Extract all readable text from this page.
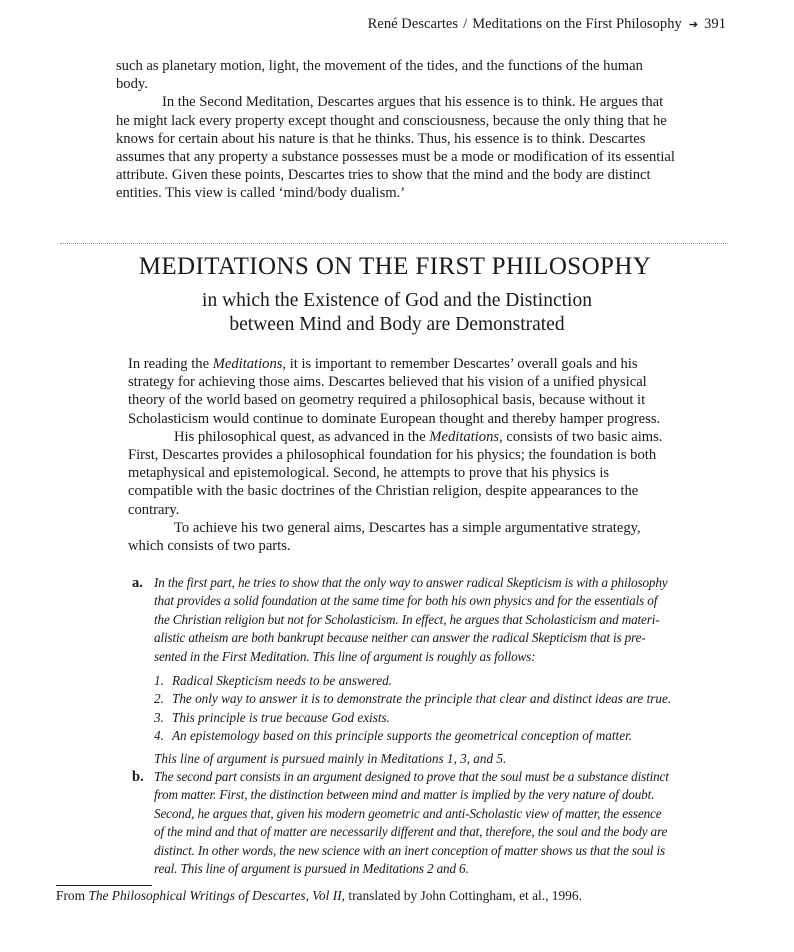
René Descartes / Meditations on the First Philosophy ➔ 391

such as planetary motion, light, the movement of the tides, and the functions of the human body.

In the Second Meditation, Descartes argues that his essence is to think. He argues that he might lack every property except thought and consciousness, because the only thing that he knows for certain about his nature is that he thinks. Thus, his essence is to think. Descartes assumes that any property a substance possesses must be a mode or modification of its essential attribute. Given these points, Descartes tries to show that the mind and the body are distinct entities. This view is called ‘mind/body dualism.’

MEDITATIONS ON THE FIRST PHILOSOPHY
in which the Existence of God and the Distinction
between Mind and Body are Demonstrated

In reading the Meditations, it is important to remember Descartes’ overall goals and his strategy for achieving those aims. Descartes believed that his vision of a unified physical theory of the world based on geometry required a philosophical basis, because without it Scholasticism would continue to dominate European thought and thereby hamper progress.

His philosophical quest, as advanced in the Meditations, consists of two basic aims. First, Descartes provides a philosophical foundation for his physics; the foundation is both metaphysical and epistemological. Second, he attempts to prove that his physics is compatible with the basic doctrines of the Christian religion, despite appearances to the contrary.

To achieve his two general aims, Descartes has a simple argumentative strategy, which consists of two parts.

a. In the first part, he tries to show that the only way to answer radical Skepticism is with a philosophy that provides a solid foundation at the same time for both his own physics and for the essentials of the Christian religion but not for Scholasticism. In effect, he argues that Scholasticism and materi-alistic atheism are both bankrupt because neither can answer the radical Skepticism that is pre-sented in the First Meditation. This line of argument is roughly as follows:
1. Radical Skepticism needs to be answered.
2. The only way to answer it is to demonstrate the principle that clear and distinct ideas are true.
3. This principle is true because God exists.
4. An epistemology based on this principle supports the geometrical conception of matter.
This line of argument is pursued mainly in Meditations 1, 3, and 5.
b. The second part consists in an argument designed to prove that the soul must be a substance distinct from matter. First, the distinction between mind and matter is implied by the very nature of doubt. Second, he argues that, given his modern geometric and anti-Scholastic view of matter, the essence of the mind and that of matter are necessarily different and that, therefore, the soul and the body are distinct. In other words, the new science with an inert conception of matter shows us that the soul is real. This line of argument is pursued in Meditations 2 and 6.
From The Philosophical Writings of Descartes, Vol II, translated by John Cottingham, et al., 1996.
